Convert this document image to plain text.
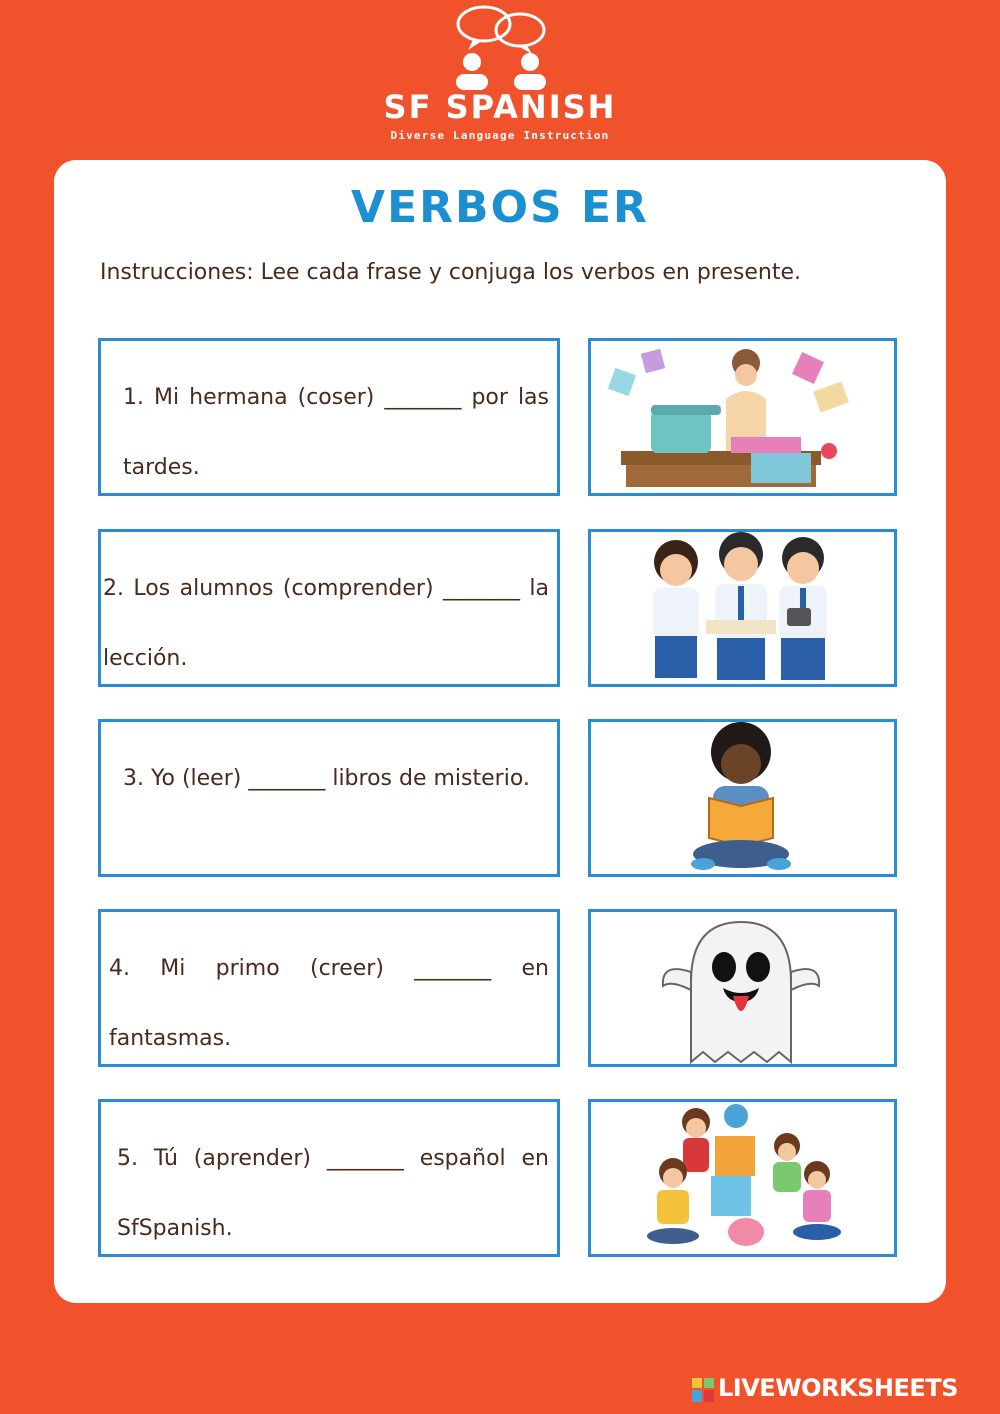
SF SPANISH
Diverse Language Instruction
VERBOS ER
Instrucciones: Lee cada frase y conjuga los verbos en presente.

1. Mi hermana (coser) _______ por las tardes.

2. Los alumnos (comprender) _______ la lección.

3. Yo (leer) _______ libros de misterio.

4. Mi primo (creer) _______ en fantasmas.

5. Tú (aprender) _______ español en SfSpanish.

LIVEWORKSHEETS
